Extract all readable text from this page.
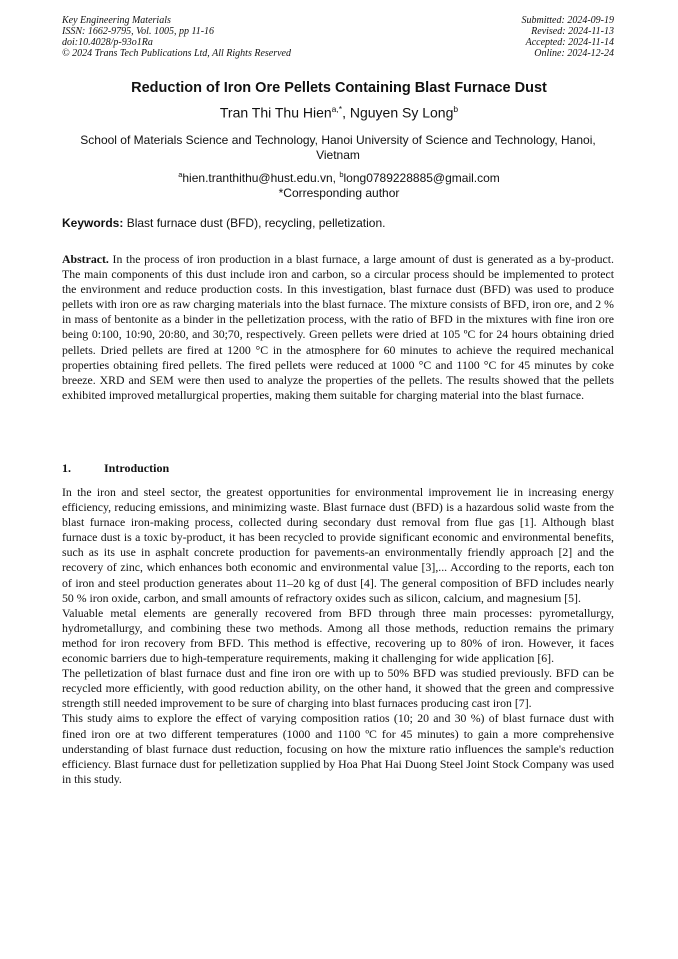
Key Engineering Materials
ISSN: 1662-9795, Vol. 1005, pp 11-16
doi:10.4028/p-93o1Ra
© 2024 Trans Tech Publications Ltd, All Rights Reserved
Submitted: 2024-09-19
Revised: 2024-11-13
Accepted: 2024-11-14
Online: 2024-12-24
Reduction of Iron Ore Pellets Containing Blast Furnace Dust
Tran Thi Thu Hien$^{a,*}$, Nguyen Sy Long$^b$
School of Materials Science and Technology, Hanoi University of Science and Technology, Hanoi, Vietnam
$^a$hien.tranthithu@hust.edu.vn, $^b$long0789228885@gmail.com
*Corresponding author
Keywords: Blast furnace dust (BFD), recycling, pelletization.
Abstract. In the process of iron production in a blast furnace, a large amount of dust is generated as a by-product. The main components of this dust include iron and carbon, so a circular process should be implemented to protect the environment and reduce production costs. In this investigation, blast furnace dust (BFD) was used to produce pellets with iron ore as raw charging materials into the blast furnace. The mixture consists of BFD, iron ore, and 2 % in mass of bentonite as a binder in the pelletization process, with the ratio of BFD in the mixtures with fine iron ore being 0:100, 10:90, 20:80, and 30;70, respectively. Green pellets were dried at 105 ºC for 24 hours obtaining dried pellets. Dried pellets are fired at 1200 °C in the atmosphere for 60 minutes to achieve the required mechanical properties obtaining fired pellets. The fired pellets were reduced at 1000 °C and 1100 °C for 45 minutes by coke breeze. XRD and SEM were then used to analyze the properties of the pellets. The results showed that the pellets exhibited improved metallurgical properties, making them suitable for charging material into the blast furnace.
1.	Introduction

In the iron and steel sector, the greatest opportunities for environmental improvement lie in increasing energy efficiency, reducing emissions, and minimizing waste. Blast furnace dust (BFD) is a hazardous solid waste from the blast furnace iron-making process, collected during secondary dust removal from flue gas [1]. Although blast furnace dust is a toxic by-product, it has been recycled to provide significant economic and environmental benefits, such as its use in asphalt concrete production for pavements-an environmentally friendly approach [2] and the recovery of zinc, which enhances both economic and environmental value [3],... According to the reports, each ton of iron and steel production generates about 11–20 kg of dust [4]. The general composition of BFD includes nearly 50 % iron oxide, carbon, and small amounts of refractory oxides such as silicon, calcium, and magnesium [5].

Valuable metal elements are generally recovered from BFD through three main processes: pyrometallurgy, hydrometallurgy, and combining these two methods. Among all those methods, reduction remains the primary method for iron recovery from BFD. This method is effective, recovering up to 80% of iron. However, it faces economic barriers due to high-temperature requirements, making it challenging for wide application [6].

The pelletization of blast furnace dust and fine iron ore with up to 50% BFD was studied previously. BFD can be recycled more efficiently, with good reduction ability, on the other hand, it showed that the green and compressive strength still needed improvement to be sure of charging into blast furnaces producing cast iron [7].

This study aims to explore the effect of varying composition ratios (10; 20 and 30 %) of blast furnace dust with fined iron ore at two different temperatures (1000 and 1100 ºC for 45 minutes) to gain a more comprehensive understanding of blast furnace dust reduction, focusing on how the mixture ratio influences the sample's reduction efficiency. Blast furnace dust for pelletization supplied by Hoa Phat Hai Duong Steel Joint Stock Company was used in this study.
